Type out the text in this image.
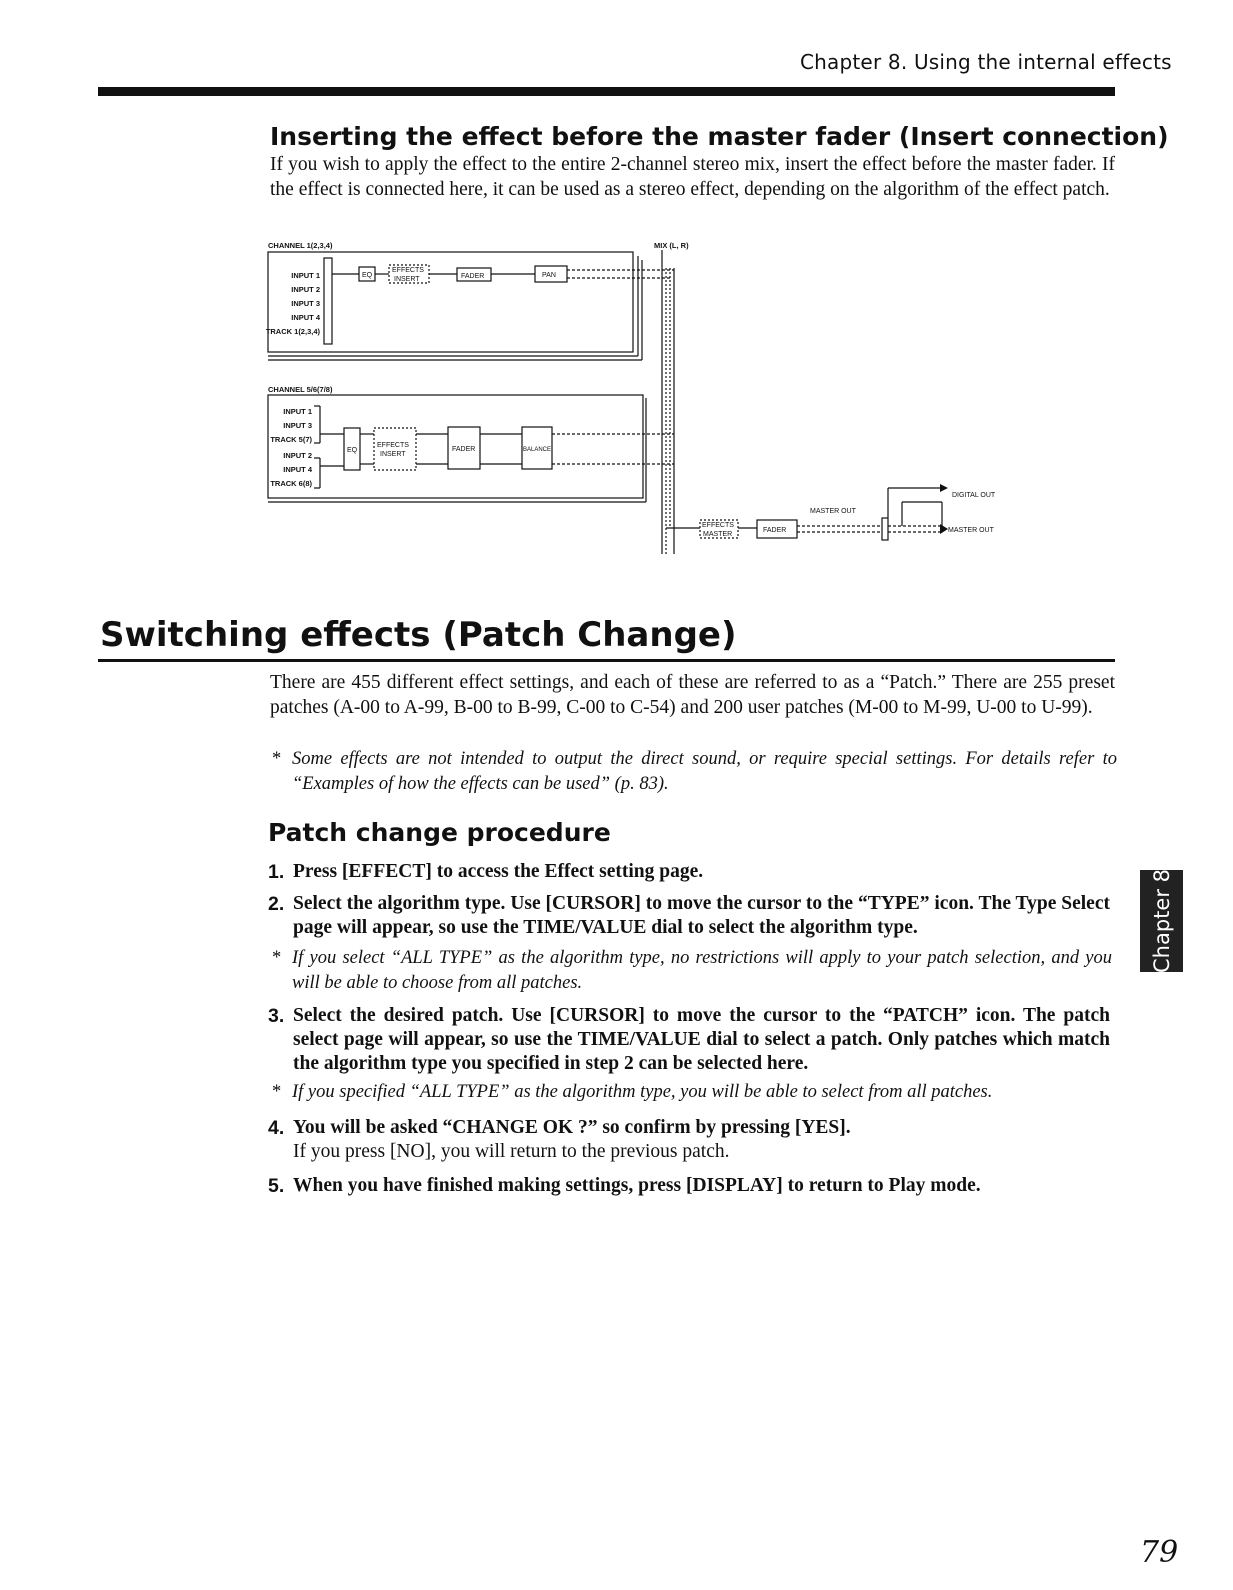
Chapter 8. Using the internal effects
Inserting the effect before the master fader (Insert connection)
If you wish to apply the effect to the entire 2-channel stereo mix, insert the effect before the master fader. If the effect is connected here, it can be used as a stereo effect, depending on the algorithm of the effect patch.
CHANNEL 1(2,3,4)	MIX (L, R)
INPUT 1
INPUT 2
INPUT 3
INPUT 4
TRACK 1(2,3,4)
CHANNEL 5/6(7/8)
INPUT 1
INPUT 3
TRACK 5(7)
INPUT 2
INPUT 4
TRACK 6(8)
EQ
EFFECTS
INSERT	FADER	PAN
EQ
EFFECTS
INSERT
FADER	BALANCE
EFFECTS
MASTER
FADER
MASTER OUT
DIGITAL OUT
MASTER OUT
Switching effects (Patch Change)
There are 455 different effect settings, and each of these are referred to as a “Patch.” There are 255 preset patches (A-00 to A-99, B-00 to B-99, C-00 to C-54) and 200 user patches (M-00 to M-99, U-00 to U-99).
* Some effects are not intended to output the direct sound, or require special settings. For details refer to “Examples of how the effects can be used” (p. 83).
Patch change procedure
1. Press [EFFECT] to access the Effect setting page.
2. Select the algorithm type. Use [CURSOR] to move the cursor to the “TYPE” icon. The Type Select page will appear, so use the TIME/VALUE dial to select the algorithm type.
* If you select “ALL TYPE” as the algorithm type, no restrictions will apply to your patch selection, and you will be able to choose from all patches.
3. Select the desired patch. Use [CURSOR] to move the cursor to the “PATCH” icon. The patch select page will appear, so use the TIME/VALUE dial to select a patch. Only patches which match the algorithm type you specified in step 2 can be selected here.
* If you specified “ALL TYPE” as the algorithm type, you will be able to select from all patches.
4. You will be asked “CHANGE OK ?” so confirm by pressing [YES].
If you press [NO], you will return to the previous patch.
5. When you have finished making settings, press [DISPLAY] to return to Play mode.
Chapter 8
79
